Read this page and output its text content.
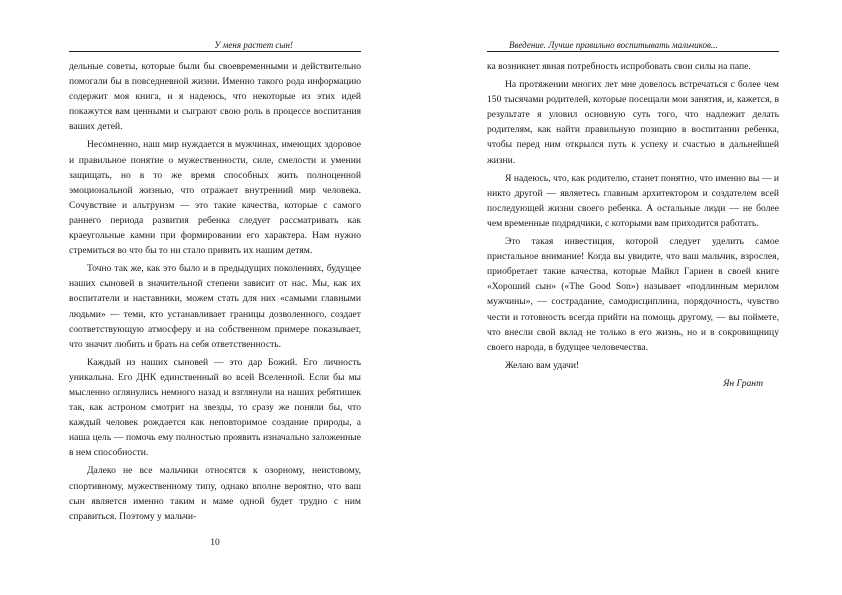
У меня растет сын!

дельные советы, которые были бы своевременными и действительно помогали бы в повседневной жизни. Именно такого рода информацию содержит моя книга, и я надеюсь, что некоторые из этих идей покажутся вам ценными и сыграют свою роль в процессе воспитания ваших детей.

Несомненно, наш мир нуждается в мужчинах, имеющих здоровое и правильное понятие о мужественности, силе, смелости и умении защищать, но в то же время способных жить полноценной эмоциональной жизнью, что отражает внутренний мир человека. Сочувствие и альтруизм — это такие качества, которые с самого раннего периода развития ребенка следует рассматривать как краеугольные камни при формировании его характера. Нам нужно стремиться во что бы то ни стало привить их нашим детям.

Точно так же, как это было и в предыдущих поколениях, будущее наших сыновей в значительной степени зависит от нас. Мы, как их воспитатели и наставники, можем стать для них «самыми главными людьми» — теми, кто устанавливает границы дозволенного, создает соответствующую атмосферу и на собственном примере показывает, что значит любить и брать на себя ответственность.

Каждый из наших сыновей — это дар Божий. Его личность уникальна. Его ДНК единственный во всей Вселенной. Если бы мы мысленно оглянулись немного назад и взглянули на наших ребятишек так, как астроном смотрит на звезды, то сразу же поняли бы, что каждый человек рождается как неповторимое создание природы, а наша цель — помочь ему полностью проявить изначально заложенные в нем способности.

Далеко не все мальчики относятся к озорному, неистовому, спортивному, мужественному типу, однако вполне вероятно, что ваш сын является именно таким и маме одной будет трудно с ним справиться. Поэтому у мальчи-

10
Введение. Лучше правильно воспитывать мальчиков...

ка возникнет явная потребность испробовать свои силы на папе.

На протяжении многих лет мне довелось встречаться с более чем 150 тысячами родителей, которые посещали мои занятия, и, кажется, в результате я уловил основную суть того, что надлежит делать родителям, как найти правильную позицию в воспитании ребенка, чтобы перед ним открылся путь к успеху и счастью в дальнейшей жизни.

Я надеюсь, что, как родителю, станет понятно, что именно вы — и никто другой — являетесь главным архитектором и создателем всей последующей жизни своего ребенка. А остальные люди — не более чем временные подрядчики, с которыми вам приходится работать.

Это такая инвестиция, которой следует уделить самое пристальное внимание! Когда вы увидите, что ваш мальчик, взрослея, приобретает такие качества, которые Майкл Гариен в своей книге «Хороший сын» («The Good Son») называет «подлинным мерилом мужчины», — сострадание, самодисциплина, порядочность, чувство чести и готовность всегда прийти на помощь другому, — вы поймете, что внесли свой вклад не только в его жизнь, но и в сокровищницу своего народа, в будущее человечества.

Желаю вам удачи!

Ян Грант
